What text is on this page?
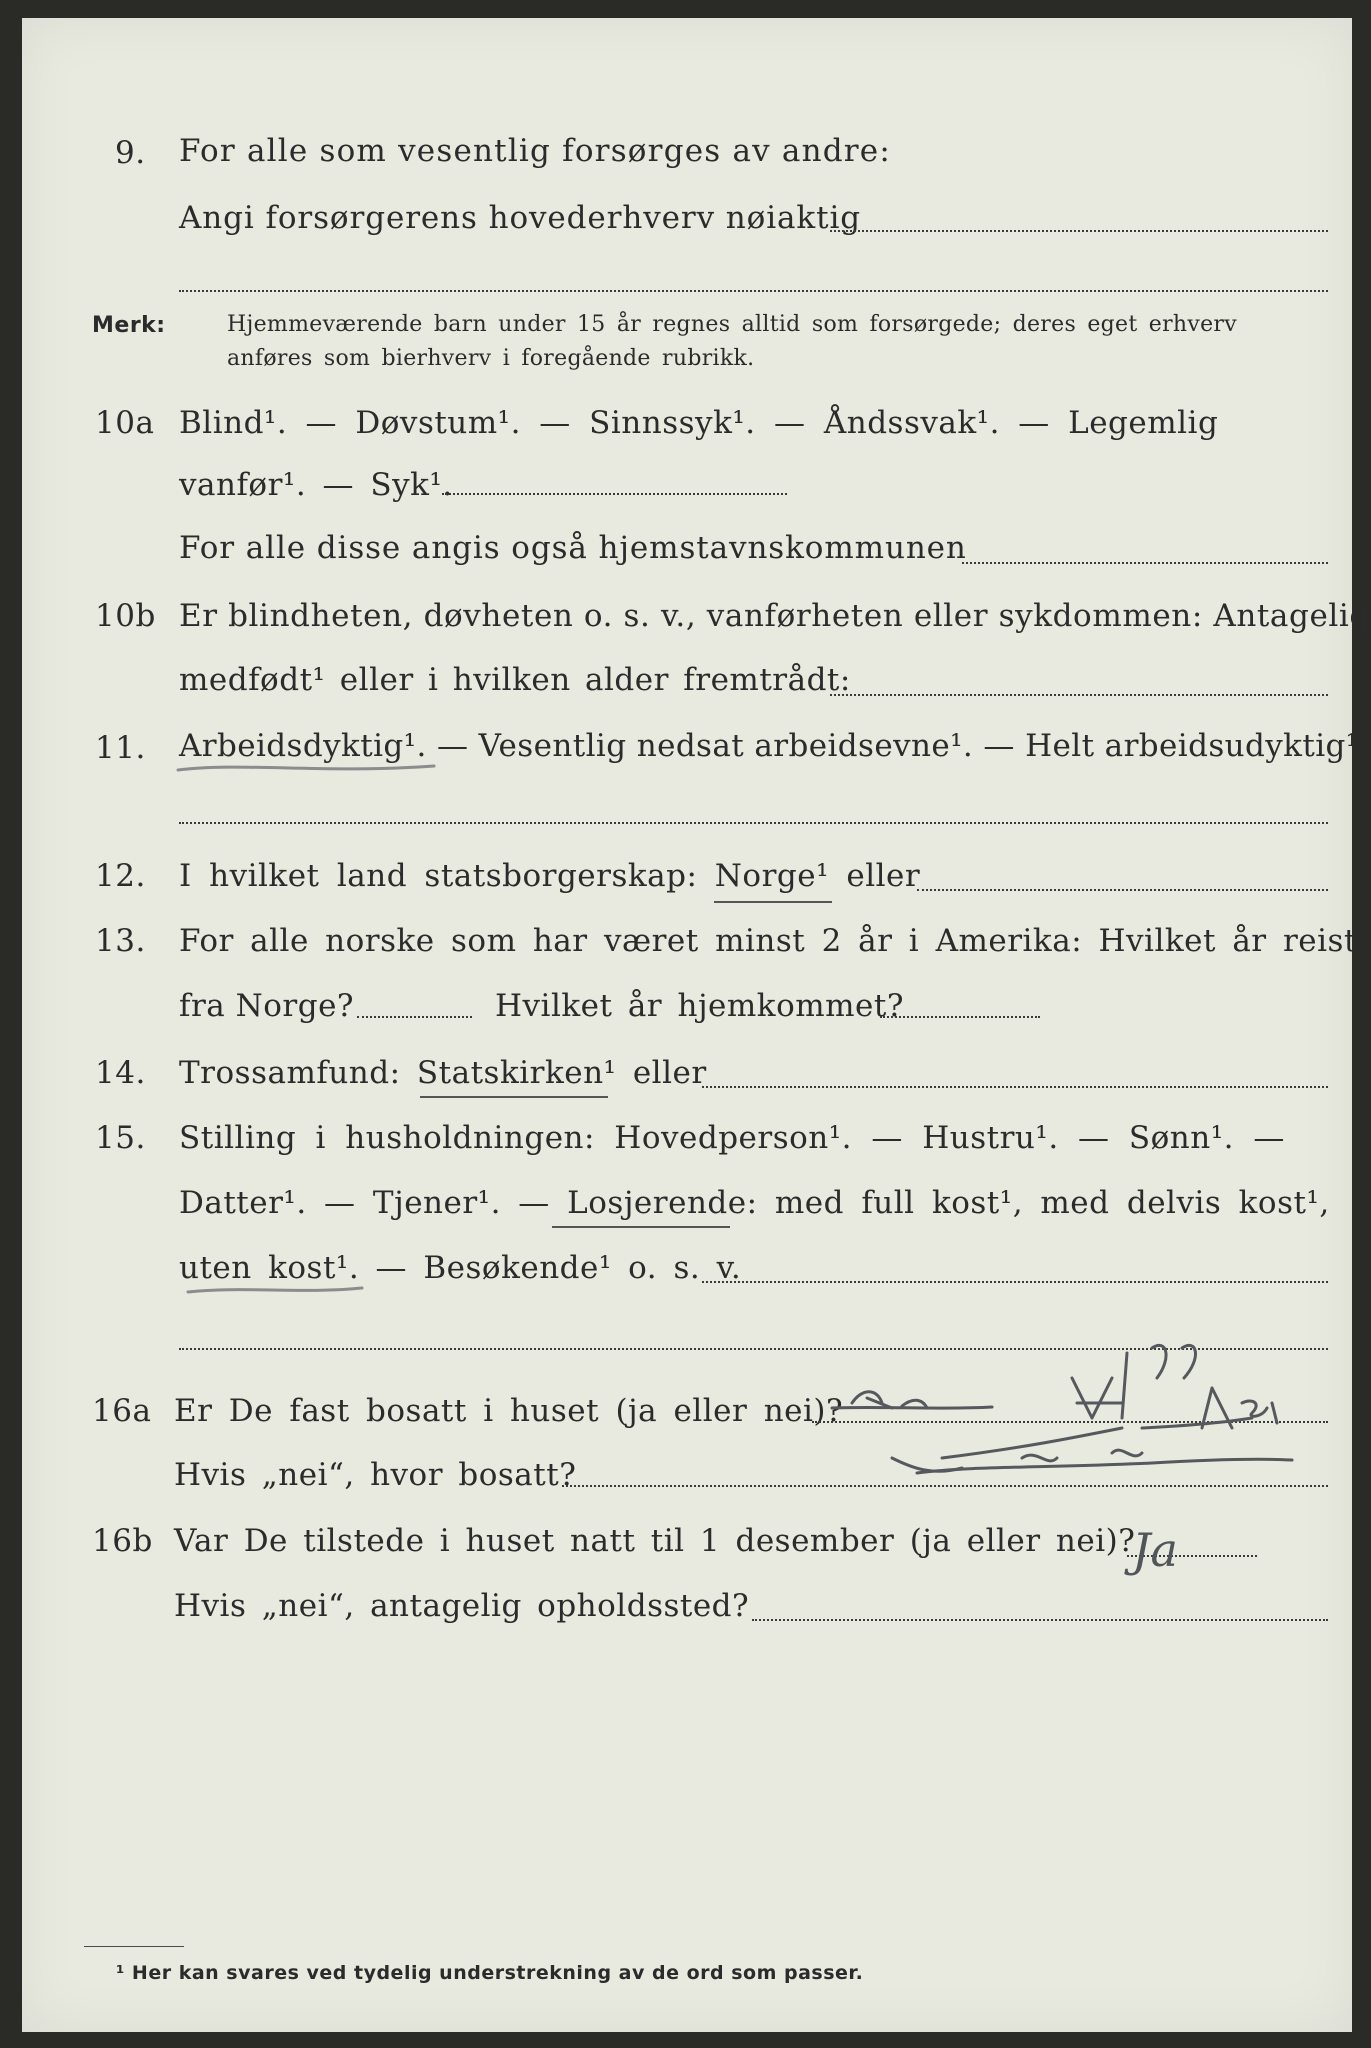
9. For alle som vesentlig forsørges av andre:
Angi forsørgerens hovederhverv nøiaktig
Merk:	Hjemmeværende barn under 15 år regnes alltid som forsørgede; deres eget erhverv
anføres som bierhverv i foregående rubrikk.
10a Blind¹. — Døvstum¹. — Sinnssyk¹. — Åndssvak¹. — Legemlig
vanfør¹. — Syk¹.
For alle disse angis også hjemstavnskommunen
10b Er blindheten, døvheten o. s. v., vanførheten eller sykdommen: Antagelig
medfødt¹ eller i hvilken alder fremtrådt:
11. Arbeidsdyktig¹. — Vesentlig nedsat arbeidsevne¹. — Helt arbeidsudyktig¹.
12. I hvilket land statsborgerskap: Norge¹ eller
13. For alle norske som har været minst 2 år i Amerika: Hvilket år reist
fra Norge?	Hvilket år hjemkommet?
14. Trossamfund: Statskirken¹ eller
15. Stilling i husholdningen: Hovedperson¹. — Hustru¹. — Sønn¹. —
Datter¹. — Tjener¹. — Losjerende: med full kost¹, med delvis kost¹,
uten kost¹. — Besøkende¹ o. s. v.
16a Er De fast bosatt i huset (ja eller nei)?
Hvis „nei“, hvor bosatt?
16b Var De tilstede i huset natt til 1 desember (ja eller nei)?
Ja
Hvis „nei“, antagelig opholdssted?
¹ Her kan svares ved tydelig understrekning av de ord som passer.
